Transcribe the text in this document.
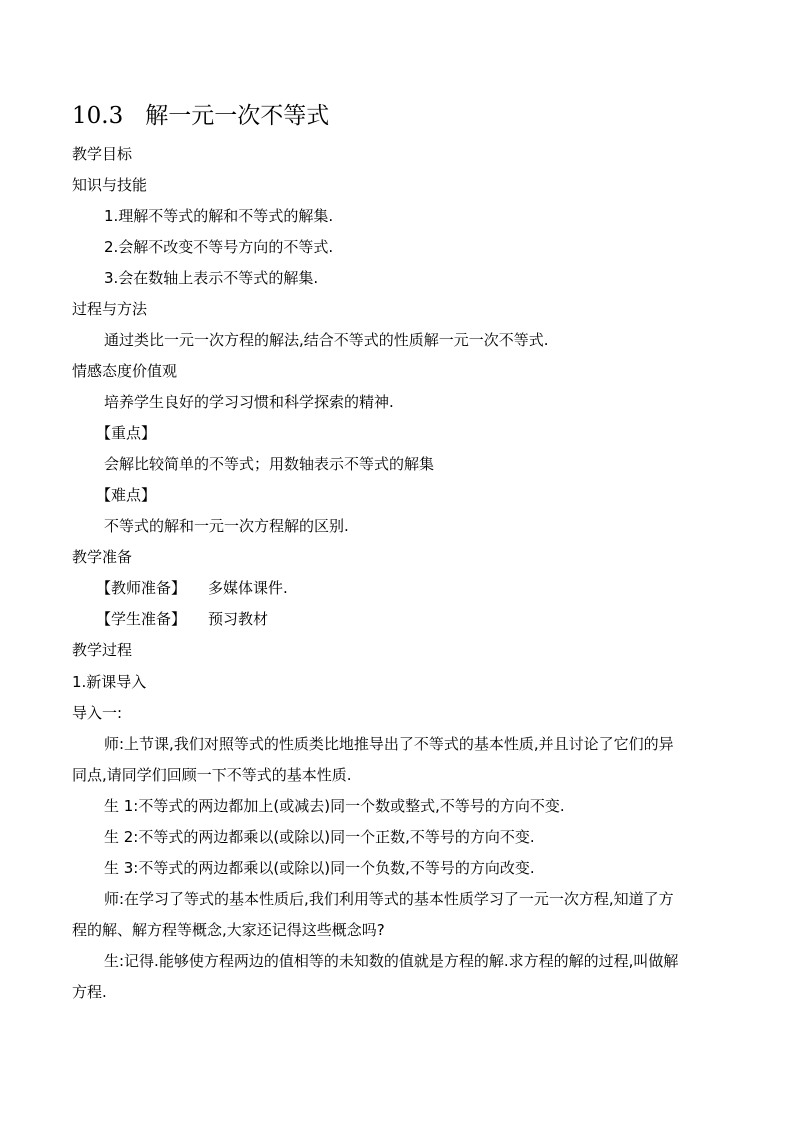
10.3 解一元一次不等式
教学目标
知识与技能
1.理解不等式的解和不等式的解集.
2.会解不改变不等号方向的不等式.
3.会在数轴上表示不等式的解集.
过程与方法
通过类比一元一次方程的解法,结合不等式的性质解一元一次不等式.
情感态度价值观
培养学生良好的学习习惯和科学探索的精神.
【重点】
会解比较简单的不等式；用数轴表示不等式的解集
【难点】
不等式的解和一元一次方程解的区别.
教学准备
【教师准备】 多媒体课件.
【学生准备】 预习教材
教学过程
1.新课导入
导入一:
师:上节课,我们对照等式的性质类比地推导出了不等式的基本性质,并且讨论了它们的异
同点,请同学们回顾一下不等式的基本性质.
生 1:不等式的两边都加上(或减去)同一个数或整式,不等号的方向不变.
生 2:不等式的两边都乘以(或除以)同一个正数,不等号的方向不变.
生 3:不等式的两边都乘以(或除以)同一个负数,不等号的方向改变.
师:在学习了等式的基本性质后,我们利用等式的基本性质学习了一元一次方程,知道了方
程的解、解方程等概念,大家还记得这些概念吗?
生:记得.能够使方程两边的值相等的未知数的值就是方程的解.求方程的解的过程,叫做解
方程.
